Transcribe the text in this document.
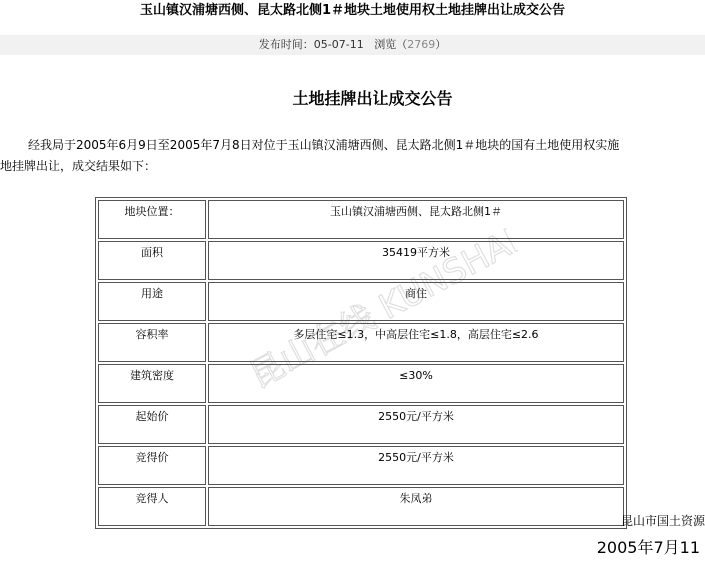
玉山镇汉浦塘西侧、昆太路北侧1＃地块土地使用权土地挂牌出让成交公告
发布时间：05-07-11 浏览（2769）
土地挂牌出让成交公告
经我局于2005年6月9日至2005年7月8日对位于玉山镇汉浦塘西侧、昆太路北侧1＃地块的国有土地使用权实施
地挂牌出让，成交结果如下：
地块位置：	玉山镇汉浦塘西侧、昆太路北侧1＃
面积	35419平方米
用途	商住
容积率	多层住宅≤1.3，中高层住宅≤1.8，高层住宅≤2.6
建筑密度	≤30%
起始价	2550元/平方米
竞得价	2550元/平方米
竞得人	朱凤弟
昆山在线 KUNSHAN
昆山市国土资源
2005年7月11
